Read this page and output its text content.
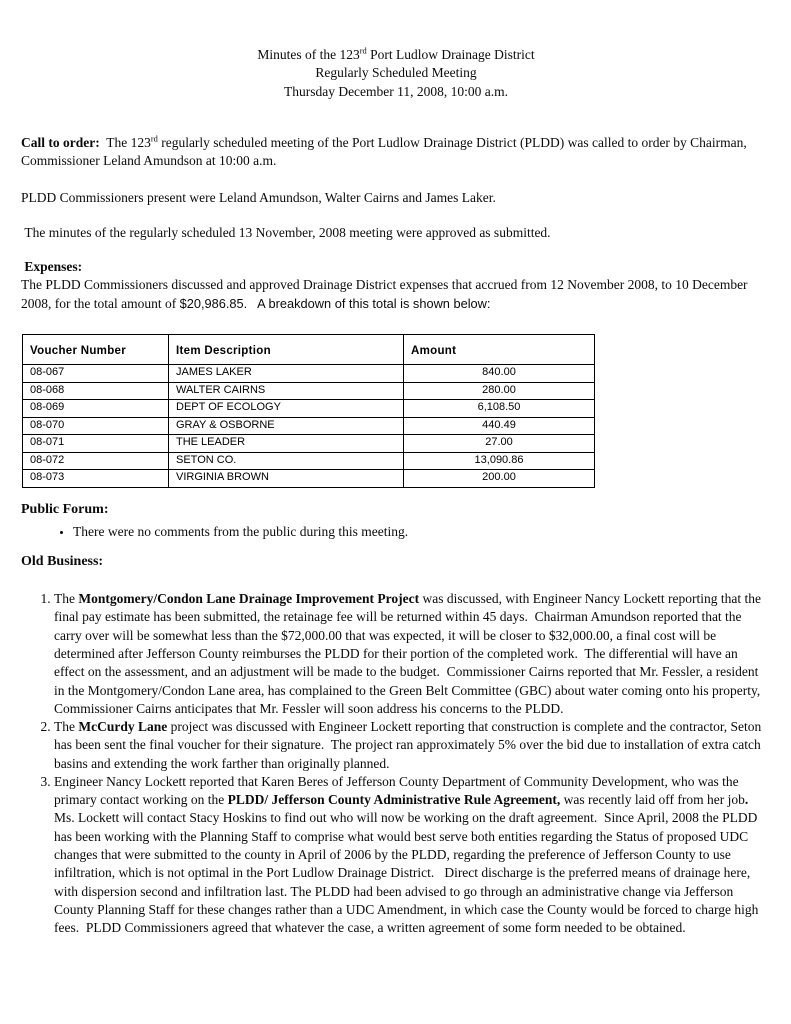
Minutes of the 123rd Port Ludlow Drainage District

Regularly Scheduled Meeting

Thursday December 11, 2008, 10:00 a.m.

Call to order:  The 123rd regularly scheduled meeting of the Port Ludlow Drainage District (PLDD) was called to order by Chairman, Commissioner Leland Amundson at 10:00 a.m.

PLDD Commissioners present were Leland Amundson, Walter Cairns and James Laker.

The minutes of the regularly scheduled 13 November, 2008 meeting were approved as submitted.

Expenses:

The PLDD Commissioners discussed and approved Drainage District expenses that accrued from 12 November 2008, to 10 December 2008, for the total amount of $20,986.85.   A breakdown of this total is shown below:

Voucher Number	Item Description	Amount
08-067	JAMES LAKER	840.00
08-068	WALTER CAIRNS	280.00
08-069	DEPT OF ECOLOGY	6,108.50
08-070	GRAY & OSBORNE	440.49
08-071	THE LEADER	27.00
08-072	SETON CO.	13,090.86
08-073	VIRGINIA BROWN	200.00

Public Forum:

• There were no comments from the public during this meeting.

Old Business:

1. The Montgomery/Condon Lane Drainage Improvement Project was discussed, with Engineer Nancy Lockett reporting that the final pay estimate has been submitted, the retainage fee will be returned within 45 days.  Chairman Amundson reported that the carry over will be somewhat less than the $72,000.00 that was expected, it will be closer to $32,000.00, a final cost will be determined after Jefferson County reimburses the PLDD for their portion of the completed work.  The differential will have an effect on the assessment, and an adjustment will be made to the budget.  Commissioner Cairns reported that Mr. Fessler, a resident in the Montgomery/Condon Lane area, has complained to the Green Belt Committee (GBC) about water coming onto his property, Commissioner Cairns anticipates that Mr. Fessler will soon address his concerns to the PLDD.
2. The McCurdy Lane project was discussed with Engineer Lockett reporting that construction is complete and the contractor, Seton has been sent the final voucher for their signature.  The project ran approximately 5% over the bid due to installation of extra catch basins and extending the work farther than originally planned.
3. Engineer Nancy Lockett reported that Karen Beres of Jefferson County Department of Community Development, who was the primary contact working on the PLDD/ Jefferson County Administrative Rule Agreement, was recently laid off from her job.  Ms. Lockett will contact Stacy Hoskins to find out who will now be working on the draft agreement.  Since April, 2008 the PLDD has been working with the Planning Staff to comprise what would best serve both entities regarding the Status of proposed UDC changes that were submitted to the county in April of 2006 by the PLDD, regarding the preference of Jefferson County to use infiltration, which is not optimal in the Port Ludlow Drainage District.   Direct discharge is the preferred means of drainage here, with dispersion second and infiltration last. The PLDD had been advised to go through an administrative change via Jefferson County Planning Staff for these changes rather than a UDC Amendment, in which case the County would be forced to charge high fees.  PLDD Commissioners agreed that whatever the case, a written agreement of some form needed to be obtained.
